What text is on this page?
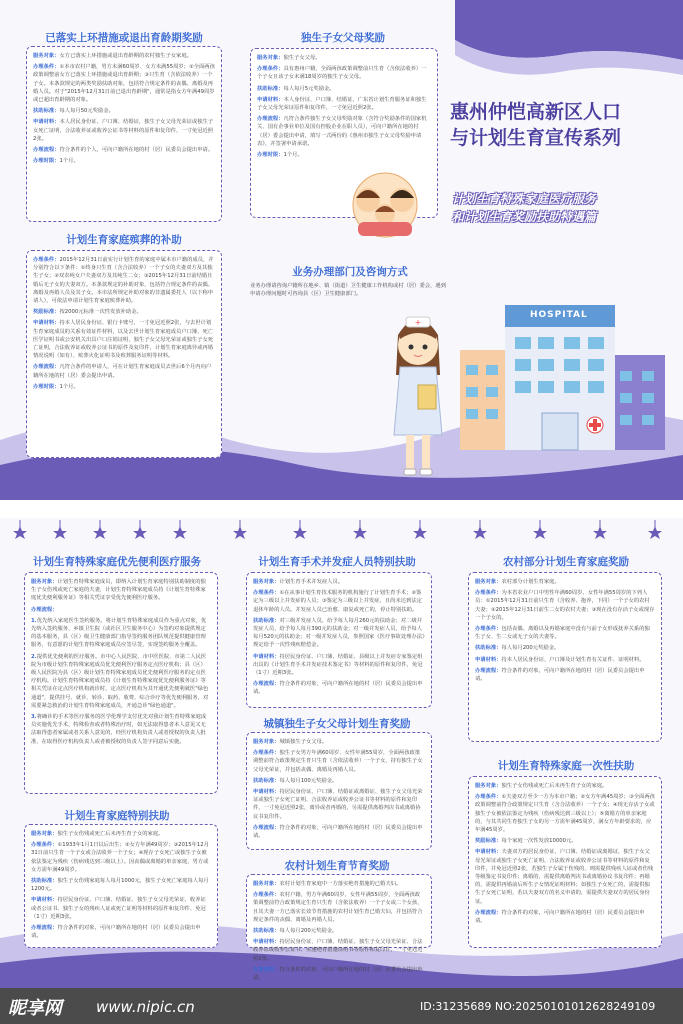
已落实上环措施或退出育龄期奖励

服务对象：女方已落实上环措施或退出育龄期的农村独生子女家庭。

办理条件：①本市农村户籍，男方未满60周岁、女方未满55周岁；②全面两孩政策调整前女方已落实上环措施或退出育龄期；③只生育（含依法收养）一个子女。本条款规定的两类奖励扶助对象，包括符合规定条件的丧偶、离婚及再婚人员。对于"2015年12月31日前已退出育龄期"，通常是指女方年满49周岁或已超出育龄期的对象。

扶助标准：每人每月50元奖励金。

申请材料：本人居民身份证、户口簿、结婚证，独生子女父母光荣证或独生子女死亡证明，合法收养证或收养公证书等材料的原件和复印件，一寸免冠近照2张。

办理流程：符合条件的个人，可向户籍所在地的村（居）民委员会提出申请。

办理时限：1个月。

计划生育家庭殡葬的补助

办理条件：2015年12月31日前实行计划生育的家庭中属本市户籍的成员，并分别符合以下条件：①终身只生育（含合法收养）一个子女的夫妻双方及其独生子女；②双农纯女户夫妻双方及其纯生二女；③2015年12月31日前结婚且婚后无子女的夫妻双方。本条款规定的补助对象，包括符合规定条件的丧偶、离婚及再婚人员及其子女。本市法所规定补助对象的非遗属委托人（以下称申请人），可依法申请计划生育家庭殡葬补助。

奖励标准：按2000元标准一次性发放补助金。

申请材料：持本人居民身份证、银行卡账号，一寸免冠近照2张，与去世计划生育家庭成员的关系有效证件材料，以及去世计划生育家庭成员户口簿，死亡医学证明书或公安机关出具户口注销证明，独生子女父母光荣证或独生子女死亡证明，合法收养证或收养公证书的原件及复印件，计划生育家庭离异或再婚情况说明（如有）、殡葬火化证明书及殡葬服务证明等材料。

办理流程：凡符合条件的申请人，可在计划生育家庭成员去世后6个月内向户籍所在地的村（居）委会提出申请。

办理时限：1个月。

独生子女父母奖励

服务对象：独生子女父母。

办理条件：具有惠州户籍，全面两孩政策调整前只生育（含依法收养）一个子女且该子女未满18周岁的独生子女父母。

扶助标准：每人每月5元奖励金。

申请材料：本人身份证、户口簿、结婚证、广东省计划生育服务证和独生子女父母光荣证原件和复印件，一寸免冠近照2张。

办理流程：凡符合条件独生子女父母奖励对象（含符合奖励条件的国家机关、国有企事业单位及国有控股企业在职人员），可向户籍所在地的村（居）委会提出申请，填写一式两份的《惠州市独生子女父母奖励申请表》，并签署申请承诺。

办理时限：1个月。

业务办理部门及咨询方式
业务办理请咨询户籍所在地乡、镇（街道）卫生健康工作机构或村（居）委会，遇到申请办理问题时可咨询县（区）卫生健康部门。
+
HOSPITAL
惠州仲恺高新区人口
与计划生育宣传系列
计划生育特殊家庭医疗服务
和计划生育奖励扶助特遇篇
计划生育特殊家庭优先便利医疗服务

服务对象：计划生育特殊家庭成员，即纳入计划生育家庭特别扶助制度的独生子女伤残或死亡家庭的夫妻，计划生育特殊家庭成员持《计划生育特殊家庭优先便利服务证》等相关凭证享受优先便利医疗服务。

办理流程：

1.优先纳入家庭医生签约服务。将计划生育特殊家庭成员作为重点对象，优先纳入签约服务，乡镇卫生院（或社区卫生服务中心）为签约对象提供规定的基本服务，县（区）级卫生健康部门指导签约服务团队规范提供健康管理服务，有意愿的计划生育特殊家庭成员应签尽签，实现签约服务全覆盖。

2.提供优先便利的医疗服务。市中心人民医院、市中医医院、市第二人民医院为市级计划生育特殊家庭成员优先便利医疗服务定点医疗机构；县（区）级人民医院为县（区）级计划生育特殊家庭成员优先便利医疗服务的定点医疗机构。计划生育特殊家庭成员持《计划生育特殊家庭优先便利服务证》等相关凭证在定点医疗机构就诊时，定点医疗机构为其开通优先便利就医"绿色通道"，提供挂号、就诊、转诊、取药、收费、综合诊疗等优先便利服务，对需要紧急救治的计划生育特殊家庭成员，开通急诊"绿色通道"。

3.将确诊的手术等医疗服务的医学伦理学支付优先对我计划生育特殊家庭成员实施优先手术，特殊检查或者特殊治疗时，如无法取得患者本人意见又无法取得患者家属或者关系人意见的，经医疗机构负责人或者授权的负责人批准，在取得医疗机构负责人或者被授权的负责人签字同意后实施。

计划生育家庭特别扶助

服务对象：独生子女伤残或死亡后未再生育子女的家庭。

办理条件：①1933年1月1日以后出生；②女方年满49周岁；③2015年12月31日前只生育一个子女或合法收养一个子女；④现存子女死亡或独生子女被依法鉴定为残疾（伤病残达到三级以上）。因丧偶或离婚的单亲家庭，男方或女方需年满49周岁。

扶助标准：独生子女伤残家庭每人每月1000元，独生子女死亡家庭每人每月1200元。

申请材料：持居民身份证、户口簿、结婚证、独生子女父母光荣证、收养证或者公证书、独生子女的残疾人证或死亡证明等材料的原件和复印件、免冠（1寸）近期3张。

办理流程：符合条件的对象，可向户籍所在地的村（居）民委员会提出申请。

计划生育手术并发症人员特别扶助

服务对象：计划生育手术并发症人员。

办理条件：①在从事计划生育技术服务的机构施行了计划生育手术；②鉴定为三级以上并发症的人员；③鉴定为三级以上并发症，且尚未达到法定退休年龄的人员。并发症人员已治愈、康复或死亡的，停止特别扶助。

扶助标准：对三级并发症人员，给予每人每月260元的扶助金；对二级并发症人员，给予每人每月390元的扶助金；对一级并发症人员，给予每人每月520元的扶助金；对一级并发症人员，参照国家《医疗事故处理办法》规定给予一次性残疾赔偿金。

申请材料：持居民身份证、户口簿、结婚证、县级以上并发症专家鉴定组出具的《计划生育手术并发症技术鉴定书》等材料的原件和复印件，免冠（1寸）近期3张。

办理流程：符合条件的对象，可向户籍所在地的村（居）民委员会提出申请。

城镇独生子女父母计划生育奖励

服务对象：城镇独生子女父母。

办理条件：独生子女男方年满60周岁、女性年满55周岁，全面两孩政策调整前符合政策规定生育只生育（含依法收养）一个子女，持有独生子女父母光荣证，并包括丧偶、离婚及再婚人员。

扶助标准：每人每月100元奖励金。

申请材料：持居民身份证、户口簿、结婚证或离婚证、独生子女父母光荣证或独生子女死亡证明、合法收养证或收养公证书等材料的原件和复印件，一寸免冠近照2张，离异或者再婚的，另需提供离婚判决书或离婚协议书复印件。

办理流程：符合条件的对象，可向户籍所在地的村（居）民委员会提出申请。

农村计划生育节育奖励

服务对象：农村计划生育家庭中一方落实绝育措施的已婚夫妇。

办理条件：农村户籍，男方年满60周岁、女性年满55周岁，全面两孩政策调整前符合政策规定生育只生育（含依法收养）一个子女或二个女孩，且其夫妻一方已落实长效节育措施的农村计划生育已婚夫妇，并包括符合规定条件的丧偶、离婚及再婚人员。

扶助标准：每人每月200元奖励金。

申请材料：持居民身份证、户口簿、结婚证、独生子女父母光荣证、合法收养证或收养公证书、实施绝育措施证明书等原件和复印件，一寸免冠近照2张。

办理流程：符合条件的对象，可向户籍所在地的村（居）民委员会提出申请。

农村部分计划生育家庭奖励

服务对象：农村部分计划生育家庭。

办理条件：为本省农业户口中男性年满60周岁、女性年满55周岁的下列人员：①2015年12月31日前只生育（含收养、抱养，下同）一个子女的农村夫妻；②2015年12月31日前生二女的农村夫妻；③现在没有存活子女或现存一个子女的。

办理条件：包括丧偶、离婚以及再婚家庭中没有与前子女形成抚养关系的独生子女、生二女或无子女的夫妻等。

扶助标准：每人每月200元奖励金。

申请材料：持本人居民身份证、户口簿及计划生育有关证件、证明材料。

办理流程：符合条件的对象，可向户籍所在地的村（居）民委员会提出申请。

计划生育特殊家庭一次性扶助

服务对象：独生子女伤残或死亡后未再生育子女的家庭。

办理条件：①夫妻双方至少一方为本市户籍；②女方年满45周岁；③全面两孩政策调整前符合政策规定只生育（含合法收养）一个子女；④现无存活子女或独生子女被依法鉴定为残疾（伤病残达到三级以上）；⑤离婚方的单亲家庭的，与其共同生育独生子女的另一方需年满45周岁，满女方年龄要求的，应年满45周岁。

奖励标准：每个家庭一次性发放10000元。

申请材料：夫妻双方的居民身份证、户口簿、结婚证或离婚证，独生子女父母光荣证或独生子女死亡证明、合法收养证或收养公证书等材料的原件和复印件，并免冠近照2张，若独生子女属于伤残的，则需提供残疾人证或者伤残等级鉴定书复印件；离婚的，需提供离婚判决书或离婚协议书复印件；再婚的，需提供再婚前后所生子女情况证明材料；如独生子女死亡的，需提供独生子女死亡证明，若以夫妻双方的名义申请的，需提供夫妻双方的居民身份证。

办理流程：符合条件的对象，可向户籍所在地的村（居）民委员会提出申请。

昵享网 www.nipic.cn	ID:31235689 NO:20250101012628249109
